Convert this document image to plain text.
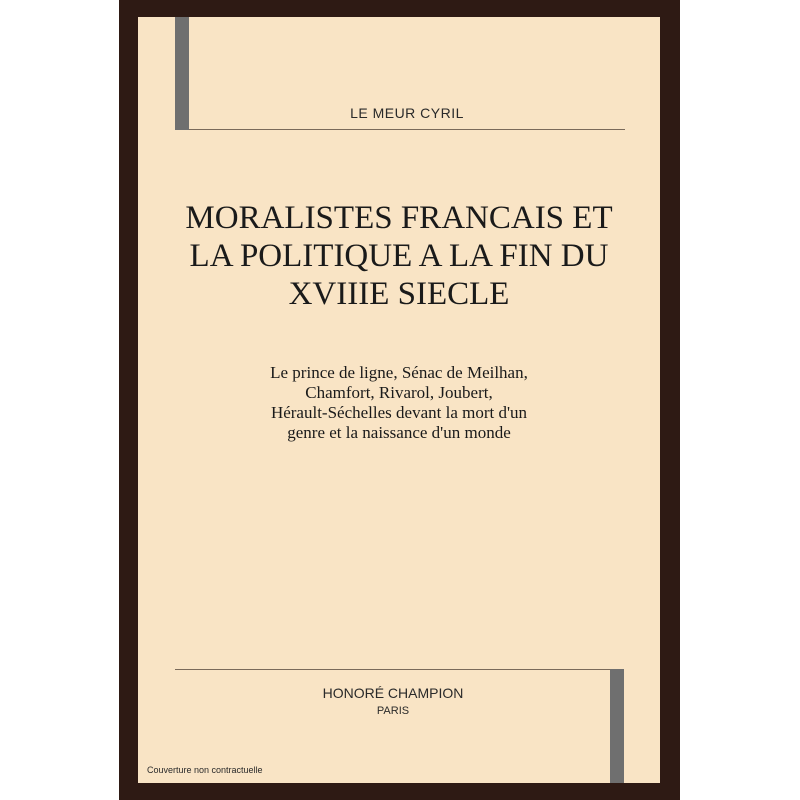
LE MEUR CYRIL
MORALISTES FRANCAIS ET
LA POLITIQUE A LA FIN DU
XVIIIE SIECLE
Le prince de ligne, Sénac de Meilhan,
Chamfort, Rivarol, Joubert,
Hérault-Séchelles devant la mort d'un
genre et la naissance d'un monde
HONORÉ CHAMPION
PARIS
Couverture non contractuelle
